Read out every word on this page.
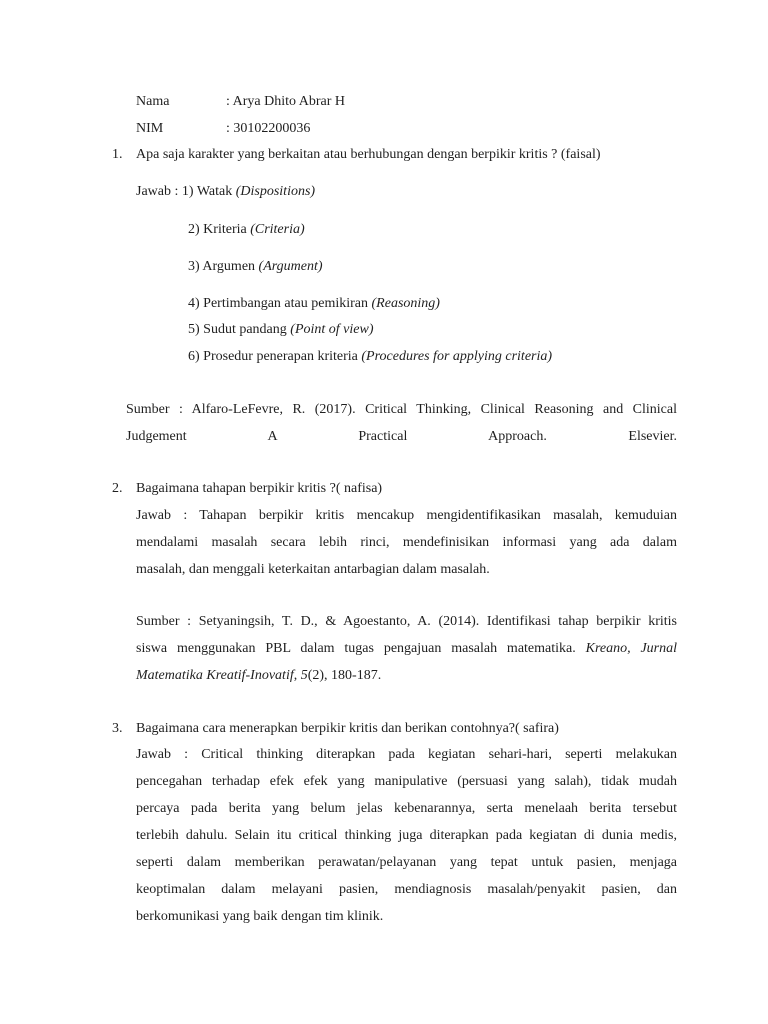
Nama	: Arya Dhito Abrar H
NIM	: 30102200036
1. Apa saja karakter yang berkaitan atau berhubungan dengan berpikir kritis ? (faisal)
Jawab : 1) Watak (Dispositions)
2) Kriteria (Criteria)
3) Argumen (Argument)
4) Pertimbangan atau pemikiran (Reasoning)
5) Sudut pandang (Point of view)
6) Prosedur penerapan kriteria (Procedures for applying criteria)
Sumber : Alfaro-LeFevre, R. (2017). Critical Thinking, Clinical Reasoning and Clinical
Judgement A Practical Approach. Elsevier.
2. Bagaimana tahapan berpikir kritis ?( nafisa)
Jawab : Tahapan berpikir kritis mencakup mengidentifikasikan masalah, kemuduian
mendalami masalah secara lebih rinci, mendefinisikan informasi yang ada dalam
masalah, dan menggali keterkaitan antarbagian dalam masalah.
Sumber : Setyaningsih, T. D., & Agoestanto, A. (2014). Identifikasi tahap berpikir kritis
siswa menggunakan PBL dalam tugas pengajuan masalah matematika. Kreano, Jurnal
Matematika Kreatif-Inovatif, 5(2), 180-187.
3. Bagaimana cara menerapkan berpikir kritis dan berikan contohnya?( safira)
Jawab : Critical thinking diterapkan pada kegiatan sehari-hari, seperti melakukan
pencegahan terhadap efek efek yang manipulative (persuasi yang salah), tidak mudah
percaya pada berita yang belum jelas kebenarannya, serta menelaah berita tersebut
terlebih dahulu. Selain itu critical thinking juga diterapkan pada kegiatan di dunia medis,
seperti dalam memberikan perawatan/pelayanan yang tepat untuk pasien, menjaga
keoptimalan dalam melayani pasien, mendiagnosis masalah/penyakit pasien, dan
berkomunikasi yang baik dengan tim klinik.
